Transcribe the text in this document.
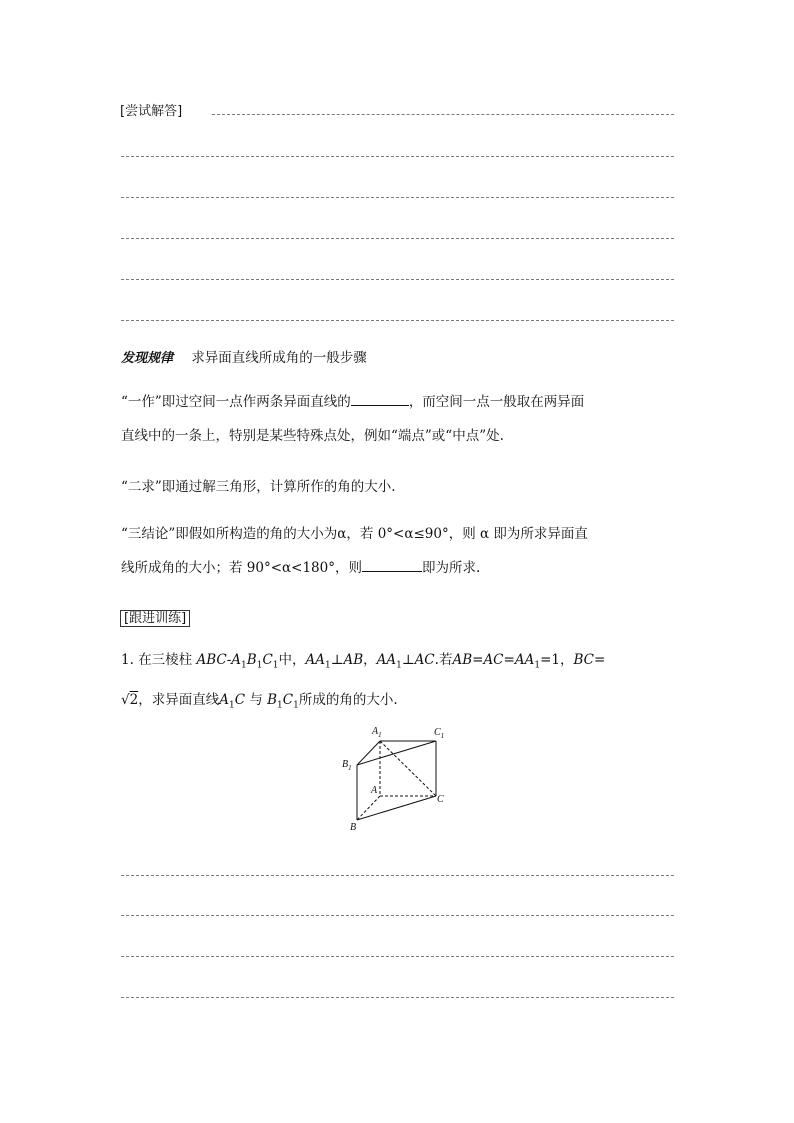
[尝试解答]
发现规律 求异面直线所成角的一般步骤
“一作”即过空间一点作两条异面直线的	，而空间一点一般取在两异面
直线中的一条上，特别是某些特殊点处，例如“端点”或“中点”处.
“二求”即通过解三角形，计算所作的角的大小.
“三结论”即假如所构造的角的大小为α，若 0°<α≤90°，则 α 即为所求异面直
线所成角的大小；若 90°<α<180°，则	即为所求.
[跟进训练]
1. 在三棱柱 ABC-$A_1B_1C_1$中，$AA_1\perp AB$，$AA_1\perp AC$.若$AB=AC=AA_1=1$，BC=
√2，求异面直线$A_1C$ 与 $B_1C_1$所成的角的大小.
$A_1$	$C_1$
$B_1$
A
C
B
